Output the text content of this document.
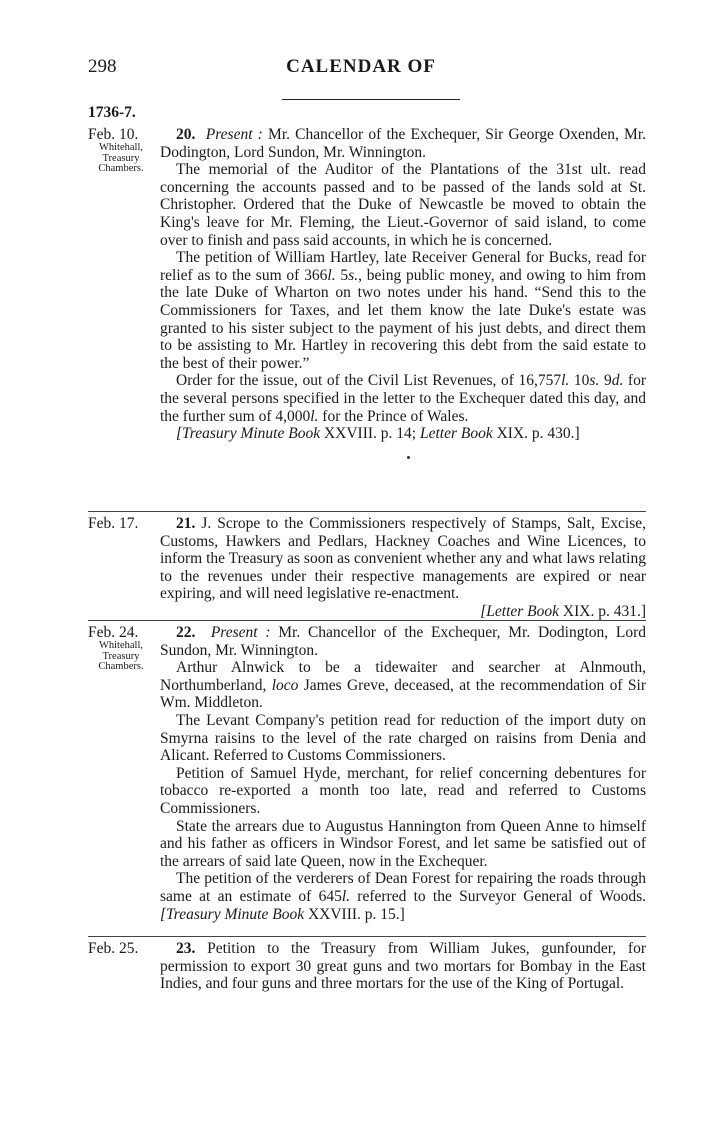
298	CALENDAR OF
1736-7.
Feb. 10.
Whitehall,
Treasury
Chambers.

20. Present : Mr. Chancellor of the Exchequer, Sir George Oxenden, Mr. Dodington, Lord Sundon, Mr. Winnington.

The memorial of the Auditor of the Plantations of the 31st ult. read concerning the accounts passed and to be passed of the lands sold at St. Christopher. Ordered that the Duke of Newcastle be moved to obtain the King's leave for Mr. Fleming, the Lieut.-Governor of said island, to come over to finish and pass said accounts, in which he is concerned.

The petition of William Hartley, late Receiver General for Bucks, read for relief as to the sum of 366l. 5s., being public money, and owing to him from the late Duke of Wharton on two notes under his hand. “Send this to the Commissioners for Taxes, and let them know the late Duke's estate was granted to his sister subject to the payment of his just debts, and direct them to be assisting to Mr. Hartley in recovering this debt from the said estate to the best of their power.”

Order for the issue, out of the Civil List Revenues, of 16,757l. 10s. 9d. for the several persons specified in the letter to the Exchequer dated this day, and the further sum of 4,000l. for the Prince of Wales.

[Treasury Minute Book XXVIII. p. 14; Letter Book XIX. p. 430.]

Feb. 17.	21. J. Scrope to the Commissioners respectively of Stamps, Salt, Excise, Customs, Hawkers and Pedlars, Hackney Coaches and Wine Licences, to inform the Treasury as soon as convenient whether any and what laws relating to the revenues under their respective managements are expired or near expiring, and will need legislative re-enactment.

[Letter Book XIX. p. 431.]
Feb. 24.
Whitehall,
Treasury
Chambers.

22. Present : Mr. Chancellor of the Exchequer, Mr. Dodington, Lord Sundon, Mr. Winnington.

Arthur Alnwick to be a tidewaiter and searcher at Alnmouth, Northumberland, loco James Greve, deceased, at the recommendation of Sir Wm. Middleton.

The Levant Company's petition read for reduction of the import duty on Smyrna raisins to the level of the rate charged on raisins from Denia and Alicant. Referred to Customs Commissioners.

Petition of Samuel Hyde, merchant, for relief concerning debentures for tobacco re-exported a month too late, read and referred to Customs Commissioners.

State the arrears due to Augustus Hannington from Queen Anne to himself and his father as officers in Windsor Forest, and let same be satisfied out of the arrears of said late Queen, now in the Exchequer.

The petition of the verderers of Dean Forest for repairing the roads through same at an estimate of 645l. referred to the Surveyor General of Woods. [Treasury Minute Book XXVIII. p. 15.]

Feb. 25.	23. Petition to the Treasury from William Jukes, gunfounder, for permission to export 30 great guns and two mortars for Bombay in the East Indies, and four guns and three mortars for the use of the King of Portugal.
